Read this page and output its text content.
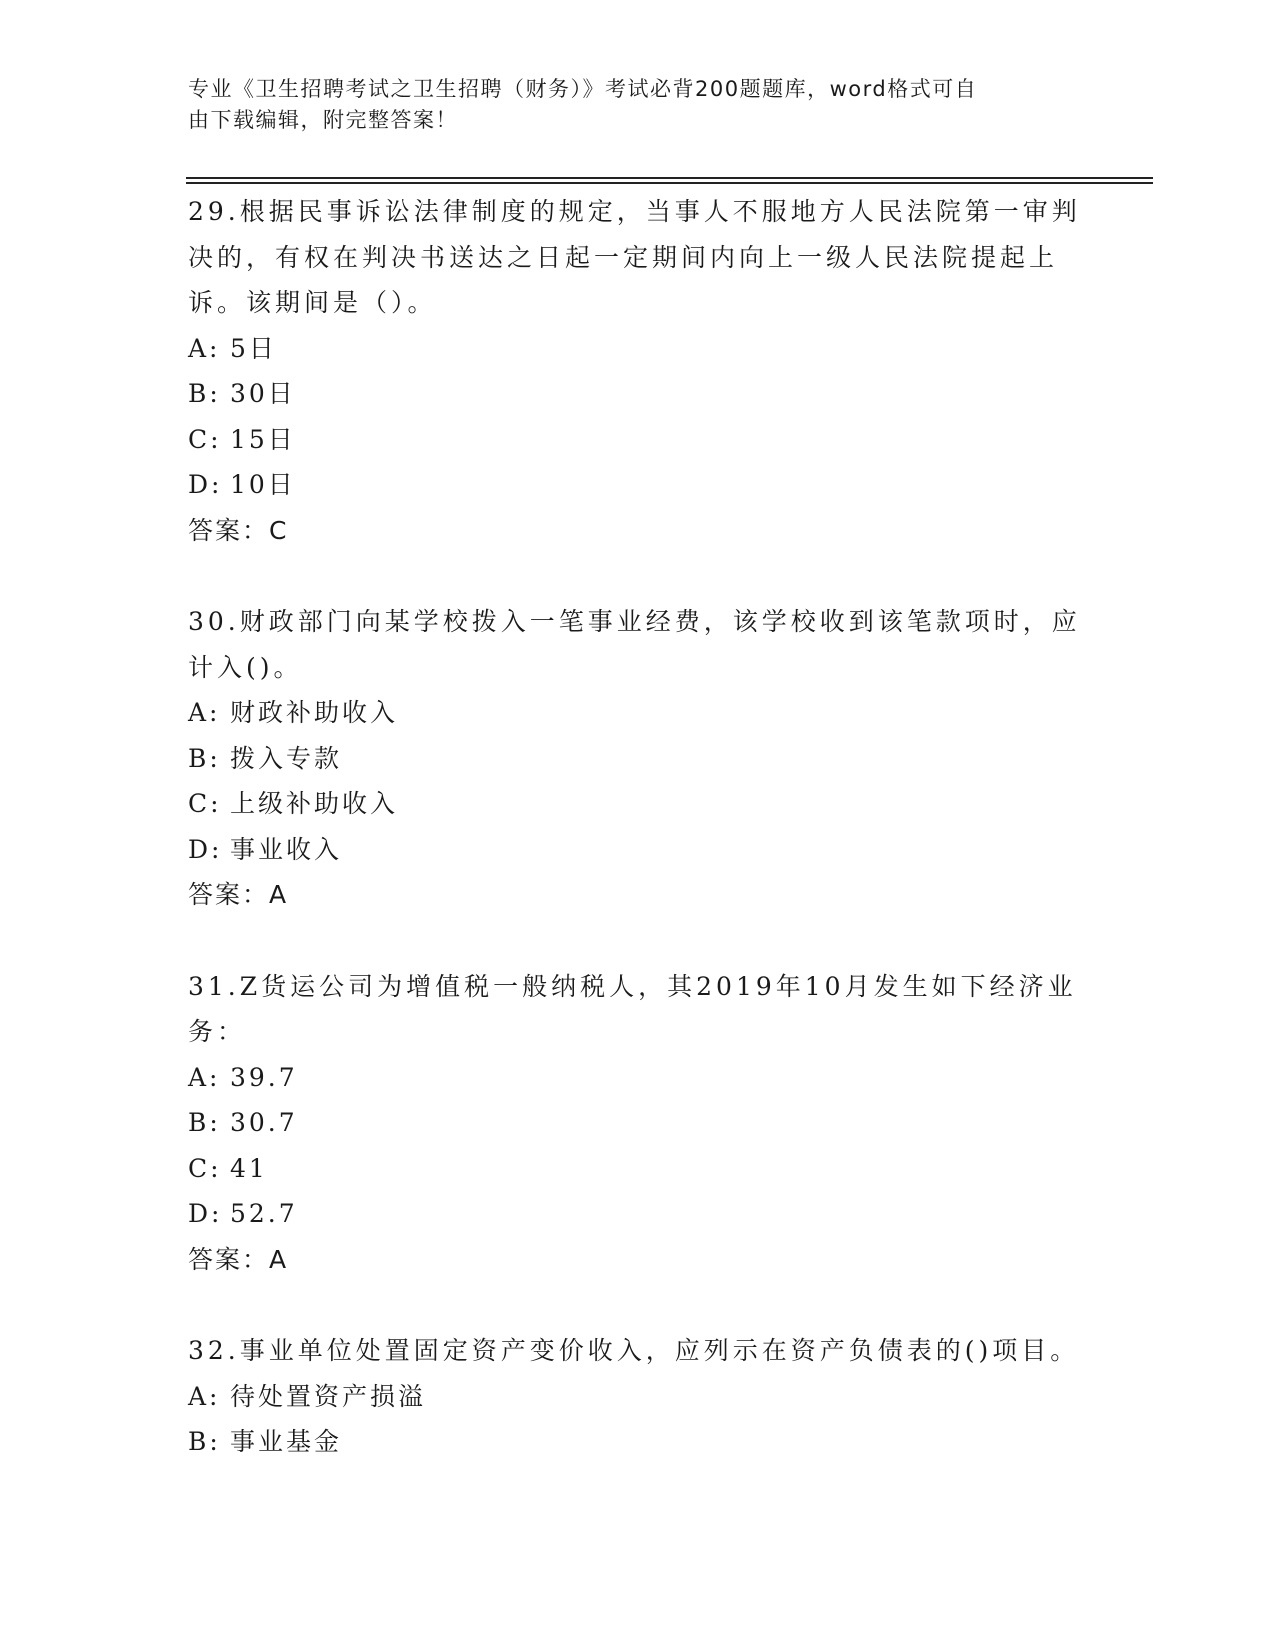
专业《卫生招聘考试之卫生招聘（财务）》考试必背200题题库，word格式可自
由下载编辑，附完整答案！

29.根据民事诉讼法律制度的规定，当事人不服地方人民法院第一审判决的，有权在判决书送达之日起一定期间内向上一级人民法院提起上诉。该期间是（）。

A: 5日

B: 30日

C: 15日

D: 10日

答案：C

30.财政部门向某学校拨入一笔事业经费，该学校收到该笔款项时，应计入()。

A: 财政补助收入

B: 拨入专款

C: 上级补助收入

D: 事业收入

答案：A

31.Z货运公司为增值税一般纳税人，其2019年10月发生如下经济业务：

A: 39.7

B: 30.7

C: 41

D: 52.7

答案：A

32.事业单位处置固定资产变价收入，应列示在资产负债表的()项目。

A: 待处置资产损溢

B: 事业基金
